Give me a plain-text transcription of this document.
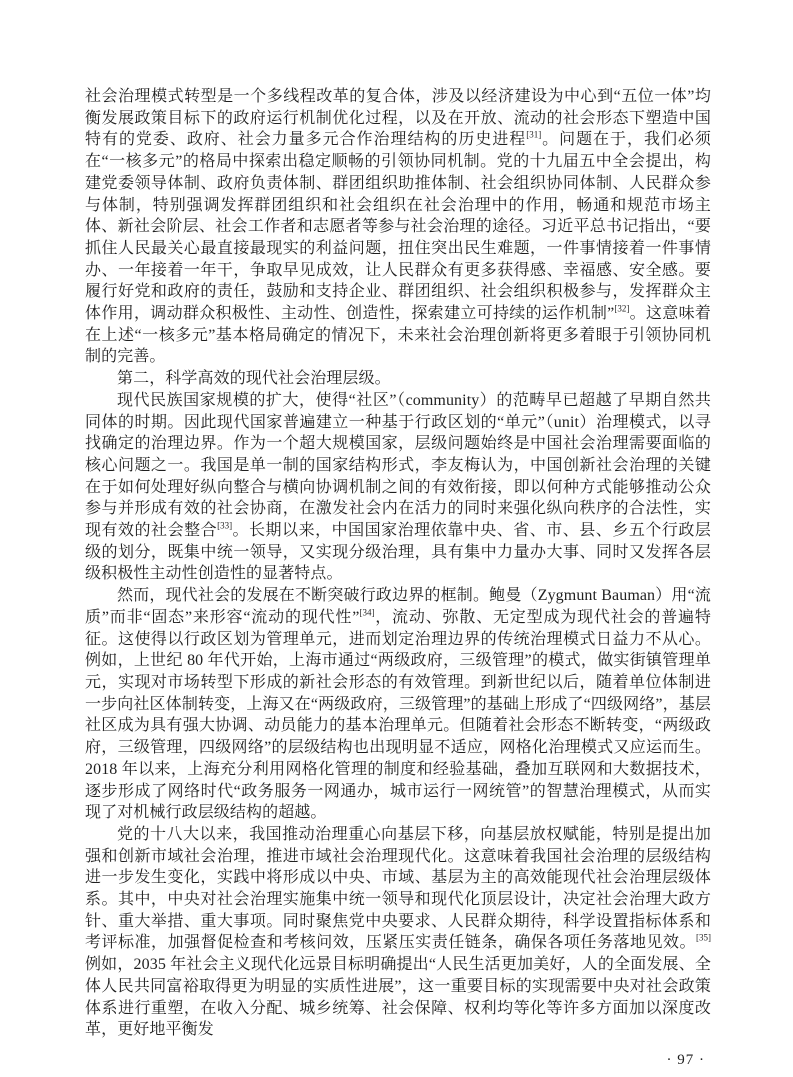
社会治理模式转型是一个多线程改革的复合体，涉及以经济建设为中心到“五位一体”均衡发展政策目标下的政府运行机制优化过程，以及在开放、流动的社会形态下塑造中国特有的党委、政府、社会力量多元合作治理结构的历史进程[31]。问题在于，我们必须在“一核多元”的格局中探索出稳定顺畅的引领协同机制。党的十九届五中全会提出，构建党委领导体制、政府负责体制、群团组织助推体制、社会组织协同体制、人民群众参与体制，特别强调发挥群团组织和社会组织在社会治理中的作用，畅通和规范市场主体、新社会阶层、社会工作者和志愿者等参与社会治理的途径。习近平总书记指出，“要抓住人民最关心最直接最现实的利益问题，扭住突出民生难题，一件事情接着一件事情办、一年接着一年干，争取早见成效，让人民群众有更多获得感、幸福感、安全感。要履行好党和政府的责任，鼓励和支持企业、群团组织、社会组织积极参与，发挥群众主体作用，调动群众积极性、主动性、创造性，探索建立可持续的运作机制”[32]。这意味着在上述“一核多元”基本格局确定的情况下，未来社会治理创新将更多着眼于引领协同机制的完善。

第二，科学高效的现代社会治理层级。

现代民族国家规模的扩大，使得“社区”（community）的范畴早已超越了早期自然共同体的时期。因此现代国家普遍建立一种基于行政区划的“单元”（unit）治理模式，以寻找确定的治理边界。作为一个超大规模国家，层级问题始终是中国社会治理需要面临的核心问题之一。我国是单一制的国家结构形式，李友梅认为，中国创新社会治理的关键在于如何处理好纵向整合与横向协调机制之间的有效衔接，即以何种方式能够推动公众参与并形成有效的社会协商，在激发社会内在活力的同时来强化纵向秩序的合法性，实现有效的社会整合[33]。长期以来，中国国家治理依靠中央、省、市、县、乡五个行政层级的划分，既集中统一领导，又实现分级治理，具有集中力量办大事、同时又发挥各层级积极性主动性创造性的显著特点。

然而，现代社会的发展在不断突破行政边界的框制。鲍曼（Zygmunt Bauman）用“流质”而非“固态”来形容“流动的现代性”[34]，流动、弥散、无定型成为现代社会的普遍特征。这使得以行政区划为管理单元，进而划定治理边界的传统治理模式日益力不从心。例如，上世纪 80 年代开始，上海市通过“两级政府，三级管理”的模式，做实街镇管理单元，实现对市场转型下形成的新社会形态的有效管理。到新世纪以后，随着单位体制进一步向社区体制转变，上海又在“两级政府，三级管理”的基础上形成了“四级网络”，基层社区成为具有强大协调、动员能力的基本治理单元。但随着社会形态不断转变，“两级政府，三级管理，四级网络”的层级结构也出现明显不适应，网格化治理模式又应运而生。2018 年以来，上海充分利用网格化管理的制度和经验基础，叠加互联网和大数据技术，逐步形成了网络时代“政务服务一网通办，城市运行一网统管”的智慧治理模式，从而实现了对机械行政层级结构的超越。

党的十八大以来，我国推动治理重心向基层下移，向基层放权赋能，特别是提出加强和创新市域社会治理，推进市域社会治理现代化。这意味着我国社会治理的层级结构进一步发生变化，实践中将形成以中央、市域、基层为主的高效能现代社会治理层级体系。其中，中央对社会治理实施集中统一领导和现代化顶层设计，决定社会治理大政方针、重大举措、重大事项。同时聚焦党中央要求、人民群众期待，科学设置指标体系和考评标准，加强督促检查和考核问效，压紧压实责任链条，确保各项任务落地见效。[35]例如，2035 年社会主义现代化远景目标明确提出“人民生活更加美好，人的全面发展、全体人民共同富裕取得更为明显的实质性进展”，这一重要目标的实现需要中央对社会政策体系进行重塑，在收入分配、城乡统筹、社会保障、权利均等化等许多方面加以深度改革，更好地平衡发

· 97 ·
